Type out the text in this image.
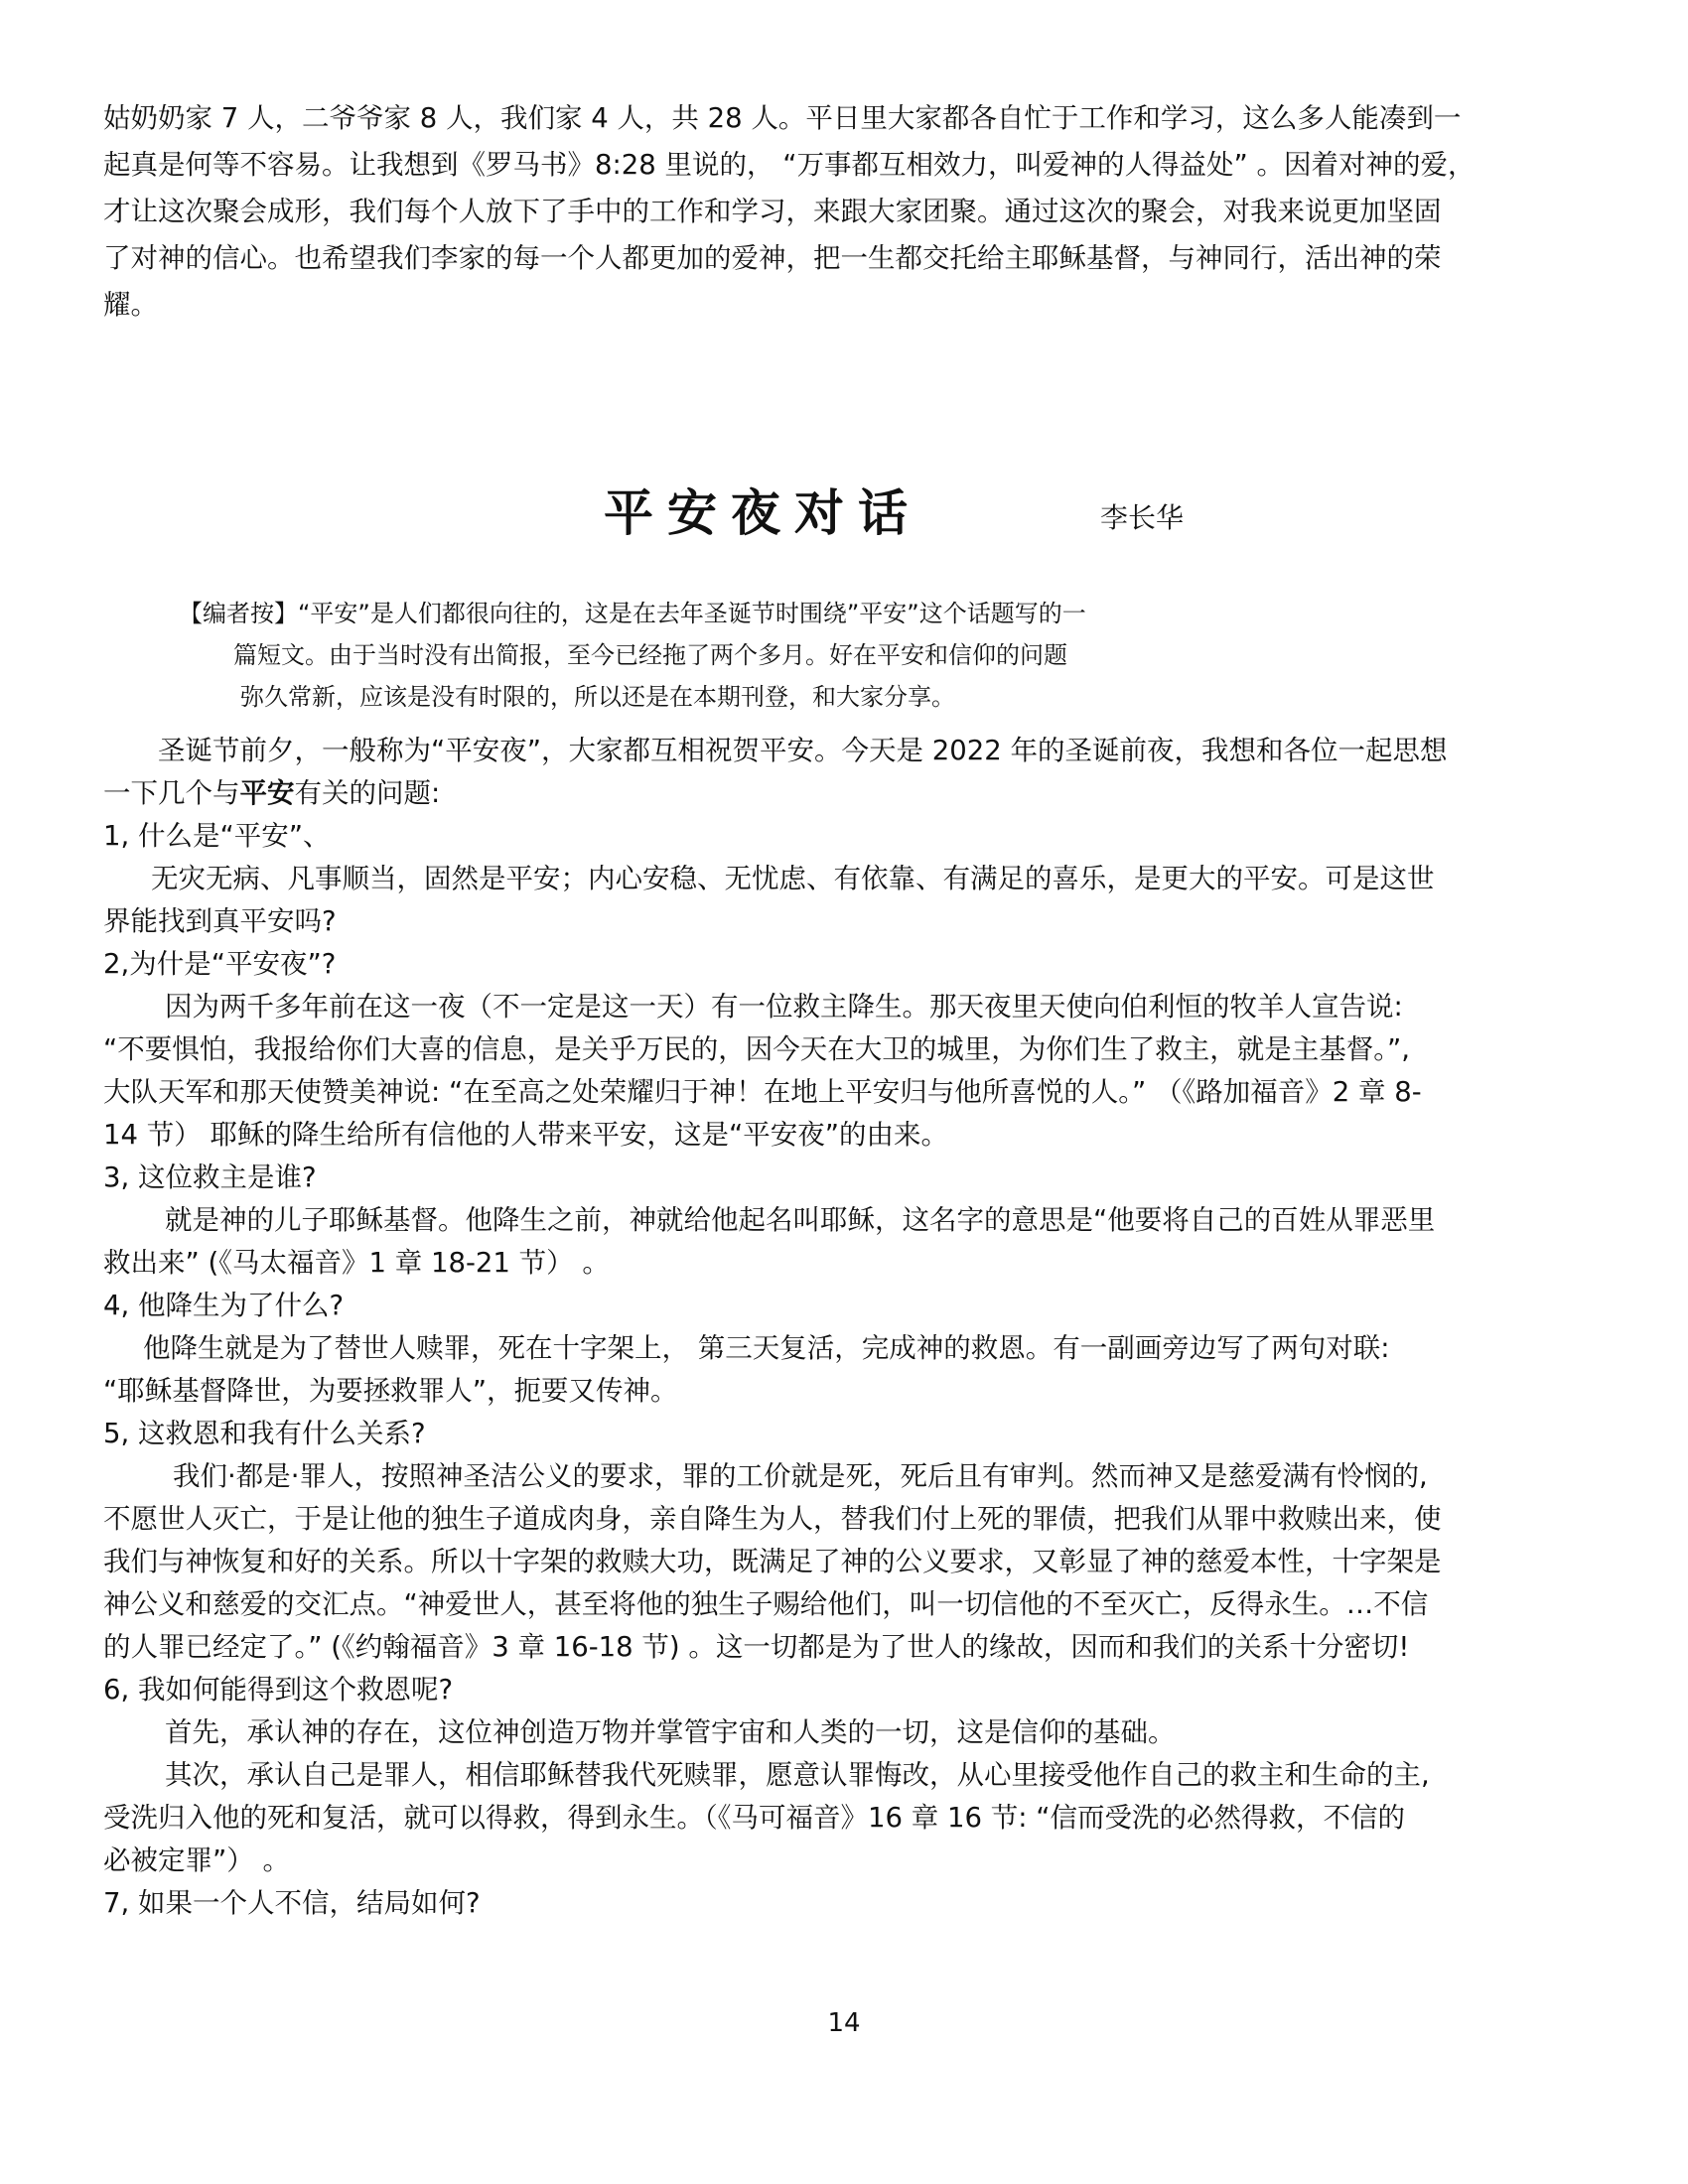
姑奶奶家 7 人，二爷爷家 8 人，我们家 4 人，共 28 人。平日里大家都各自忙于工作和学习，这么多人能凑到一

起真是何等不容易。让我想到《罗马书》8:28 里说的， “万事都互相效力，叫爱神的人得益处” 。因着对神的爱，

才让这次聚会成形，我们每个人放下了手中的工作和学习，来跟大家团聚。通过这次的聚会，对我来说更加坚固

了对神的信心。也希望我们李家的每一个人都更加的爱神，把一生都交托给主耶稣基督，与神同行，活出神的荣

耀。

平安夜对话	李长华

【编者按】“平安”是人们都很向往的，这是在去年圣诞节时围绕”平安”这个话题写的一

篇短文。由于当时没有出简报，至今已经拖了两个多月。好在平安和信仰的问题

弥久常新，应该是没有时限的，所以还是在本期刊登，和大家分享。

圣诞节前夕，一般称为“平安夜”，大家都互相祝贺平安。今天是 2022 年的圣诞前夜，我想和各位一起思想

一下几个与平安有关的问题:

1, 什么是“平安”、

无灾无病、凡事顺当，固然是平安；内心安稳、无忧虑、有依靠、有满足的喜乐，是更大的平安。可是这世

界能找到真平安吗?

2,为什是“平安夜”?

因为两千多年前在这一夜（不一定是这一天）有一位救主降生。那天夜里天使向伯利恒的牧羊人宣告说:

“不要惧怕，我报给你们大喜的信息，是关乎万民的，因今天在大卫的城里，为你们生了救主，就是主基督。”,

大队天军和那天使赞美神说: “在至高之处荣耀归于神！在地上平安归与他所喜悦的人。” （《路加福音》2 章 8-

14 节） 耶稣的降生给所有信他的人带来平安，这是“平安夜”的由来。

3, 这位救主是谁?

就是神的儿子耶稣基督。他降生之前，神就给他起名叫耶稣，这名字的意思是“他要将自己的百姓从罪恶里

救出来” (《马太福音》1 章 18-21 节） 。

4, 他降生为了什么?

他降生就是为了替世人赎罪，死在十字架上， 第三天复活，完成神的救恩。有一副画旁边写了两句对联:

“耶稣基督降世，为要拯救罪人”，扼要又传神。

5, 这救恩和我有什么关系?

我们·都是·罪人，按照神圣洁公义的要求，罪的工价就是死，死后且有审判。然而神又是慈爱满有怜悯的,

不愿世人灭亡，于是让他的独生子道成肉身，亲自降生为人，替我们付上死的罪债，把我们从罪中救赎出来，使

我们与神恢复和好的关系。所以十字架的救赎大功，既满足了神的公义要求，又彰显了神的慈爱本性，十字架是

神公义和慈爱的交汇点。“神爱世人，甚至将他的独生子赐给他们，叫一切信他的不至灭亡，反得永生。…不信

的人罪已经定了。” (《约翰福音》3 章 16-18 节) 。这一切都是为了世人的缘故，因而和我们的关系十分密切!

6, 我如何能得到这个救恩呢?

首先，承认神的存在，这位神创造万物并掌管宇宙和人类的一切，这是信仰的基础。

其次，承认自己是罪人，相信耶稣替我代死赎罪，愿意认罪悔改，从心里接受他作自己的救主和生命的主,

受洗归入他的死和复活，就可以得救，得到永生。（《马可福音》16 章 16 节: “信而受洗的必然得救，不信的

必被定罪”） 。

7, 如果一个人不信，结局如何?

14
